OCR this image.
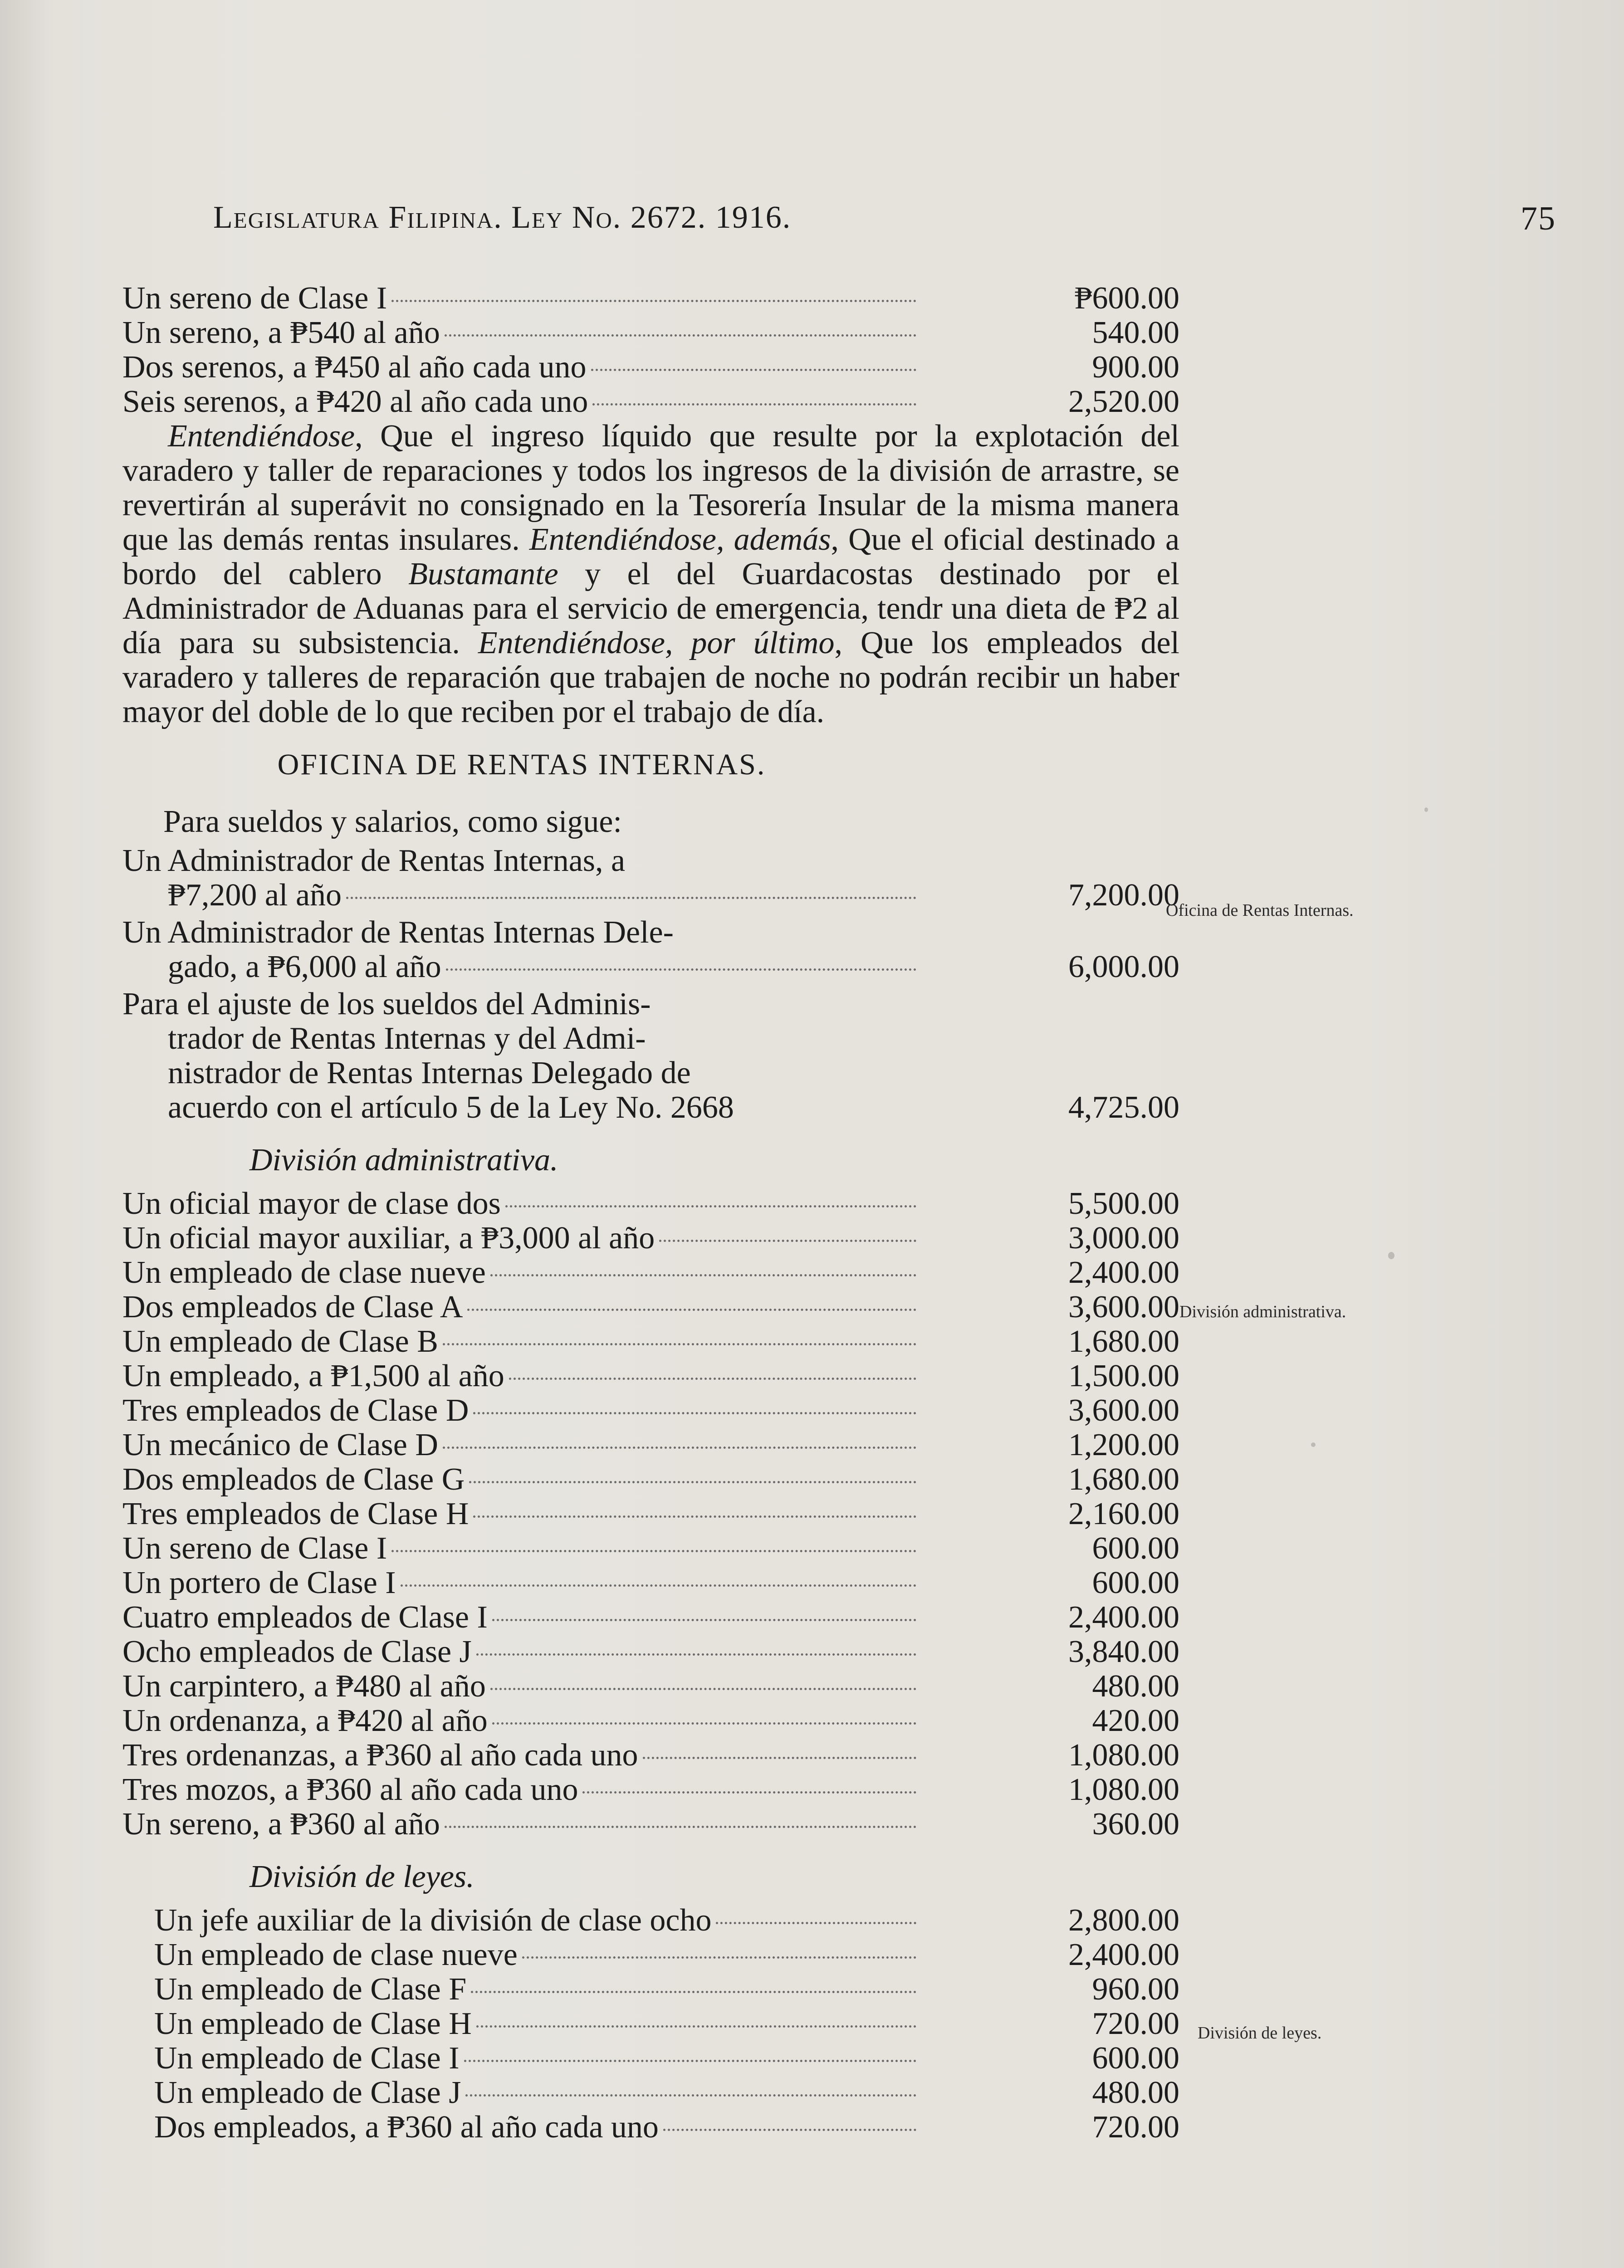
Legislatura Filipina. Ley No. 2672. 1916.	75
Un sereno de Clase I	₱600.00
Un sereno, a ₱540 al año	540.00
Dos serenos, a ₱450 al año cada uno	900.00
Seis serenos, a ₱420 al año cada uno	2,520.00

Entendiéndose, Que el ingreso líquido que resulte por la explotación del varadero y taller de reparaciones y todos los ingresos de la división de arrastre, se revertirán al superávit no consignado en la Tesorería Insular de la misma manera que las demás rentas insulares. Entendiéndose, además, Que el oficial destinado a bordo del cablero Bustamante y el del Guardacostas destinado por el Administrador de Aduanas para el servicio de emergencia, tendr una dieta de ₱2 al día para su subsistencia. Entendiéndose, por último, Que los empleados del varadero y talleres de reparación que trabajen de noche no podrán recibir un haber mayor del doble de lo que reciben por el trabajo de día.

OFICINA DE RENTAS INTERNAS.
Para sueldos y salarios, como sigue:
Un Administrador de Rentas Internas, a
₱7,200 al año	7,200.00
Un Administrador de Rentas Internas Dele-
gado, a ₱6,000 al año	6,000.00
Para el ajuste de los sueldos del Adminis-
trador de Rentas Internas y del Admi-
nistrador de Rentas Internas Delegado de
acuerdo con el artículo 5 de la Ley No. 2668	4,725.00
División administrativa.
Un oficial mayor de clase dos	5,500.00
Un oficial mayor auxiliar, a ₱3,000 al año	3,000.00
Un empleado de clase nueve	2,400.00
Dos empleados de Clase A	3,600.00
Un empleado de Clase B	1,680.00
Un empleado, a ₱1,500 al año	1,500.00
Tres empleados de Clase D	3,600.00
Un mecánico de Clase D	1,200.00
Dos empleados de Clase G	1,680.00
Tres empleados de Clase H	2,160.00
Un sereno de Clase I	600.00
Un portero de Clase I	600.00
Cuatro empleados de Clase I	2,400.00
Ocho empleados de Clase J	3,840.00
Un carpintero, a ₱480 al año	480.00
Un ordenanza, a ₱420 al año	420.00
Tres ordenanzas, a ₱360 al año cada uno	1,080.00
Tres mozos, a ₱360 al año cada uno	1,080.00
Un sereno, a ₱360 al año	360.00
División de leyes.
Un jefe auxiliar de la división de clase ocho	2,800.00
Un empleado de clase nueve	2,400.00
Un empleado de Clase F	960.00
Un empleado de Clase H	720.00
Un empleado de Clase I	600.00
Un empleado de Clase J	480.00
Dos empleados, a ₱360 al año cada uno	720.00
Oficina de Rentas Internas.
División administrativa.
División de leyes.
